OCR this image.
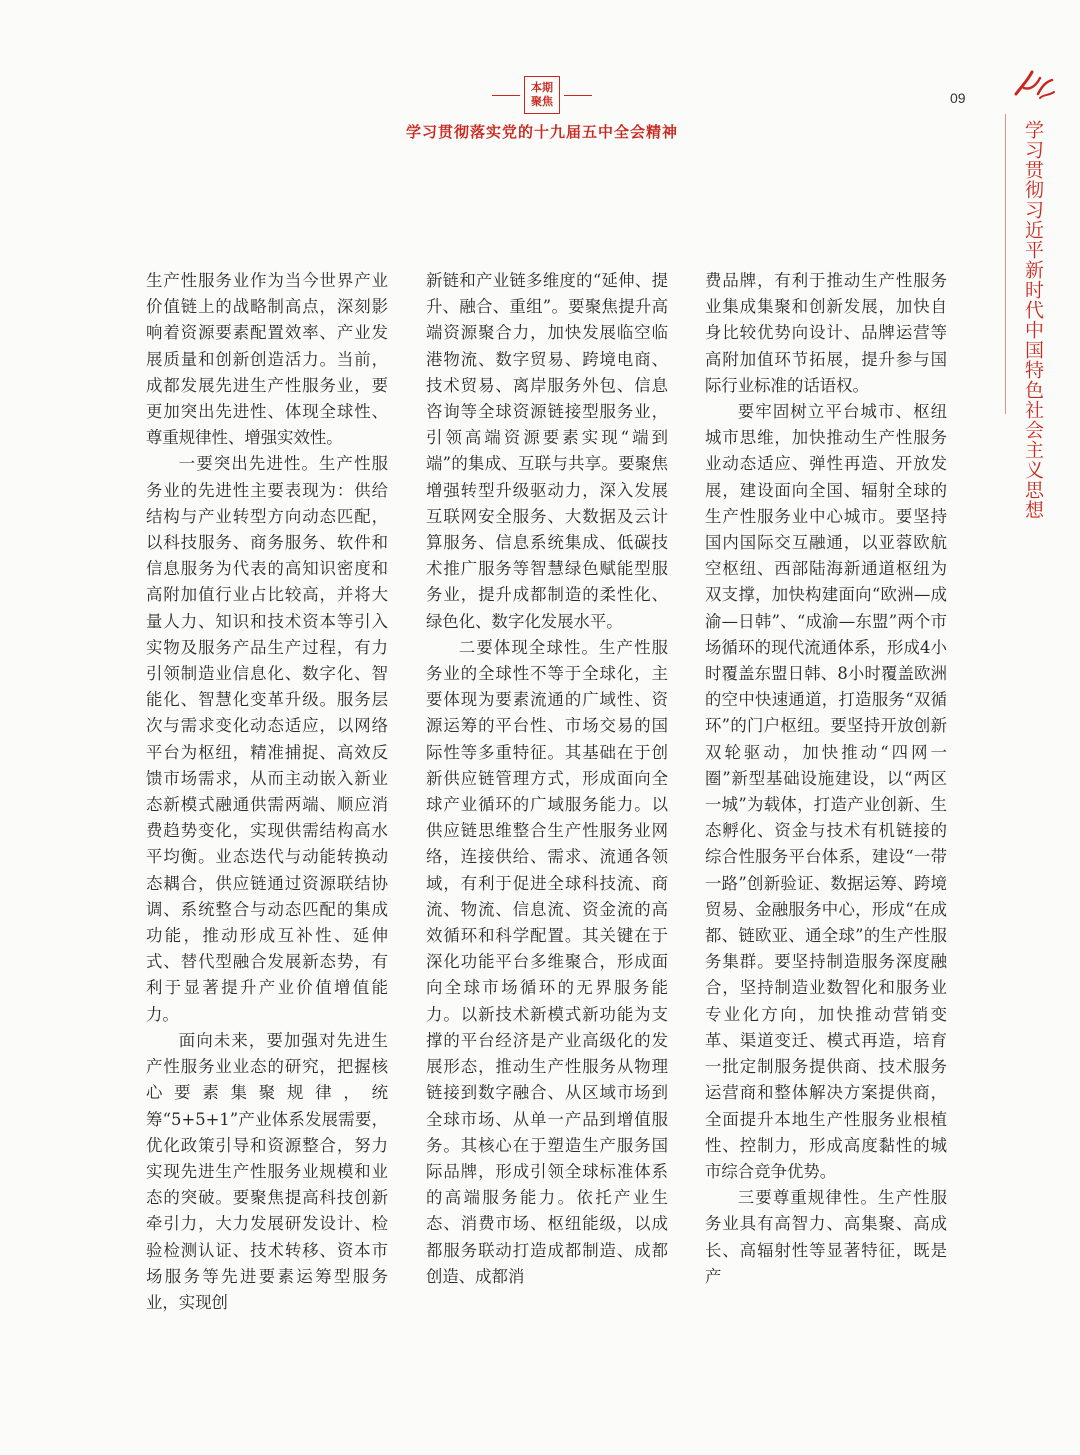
本期
聚焦
学习贯彻落实党的十九届五中全会精神
09
学习贯彻习近平新时代中国特色社会主义思想

生产性服务业作为当今世界产业价值链上的战略制高点，深刻影响着资源要素配置效率、产业发展质量和创新创造活力。当前，成都发展先进生产性服务业，要更加突出先进性、体现全球性、尊重规律性、增强实效性。

一要突出先进性。生产性服务业的先进性主要表现为：供给结构与产业转型方向动态匹配，以科技服务、商务服务、软件和信息服务为代表的高知识密度和高附加值行业占比较高，并将大量人力、知识和技术资本等引入实物及服务产品生产过程，有力引领制造业信息化、数字化、智能化、智慧化变革升级。服务层次与需求变化动态适应，以网络平台为枢纽，精准捕捉、高效反馈市场需求，从而主动嵌入新业态新模式融通供需两端、顺应消费趋势变化，实现供需结构高水平均衡。业态迭代与动能转换动态耦合，供应链通过资源联结协调、系统整合与动态匹配的集成功能，推动形成互补性、延伸式、替代型融合发展新态势，有利于显著提升产业价值增值能力。

面向未来，要加强对先进生产性服务业业态的研究，把握核心要素集聚规律，统筹“5+5+1”产业体系发展需要，优化政策引导和资源整合，努力实现先进生产性服务业规模和业态的突破。要聚焦提高科技创新牵引力，大力发展研发设计、检验检测认证、技术转移、资本市场服务等先进要素运筹型服务业，实现创

新链和产业链多维度的“延伸、提升、融合、重组”。要聚焦提升高端资源聚合力，加快发展临空临港物流、数字贸易、跨境电商、技术贸易、离岸服务外包、信息咨询等全球资源链接型服务业，引领高端资源要素实现“端到端”的集成、互联与共享。要聚焦增强转型升级驱动力，深入发展互联网安全服务、大数据及云计算服务、信息系统集成、低碳技术推广服务等智慧绿色赋能型服务业，提升成都制造的柔性化、绿色化、数字化发展水平。

二要体现全球性。生产性服务业的全球性不等于全球化，主要体现为要素流通的广域性、资源运筹的平台性、市场交易的国际性等多重特征。其基础在于创新供应链管理方式，形成面向全球产业循环的广域服务能力。以供应链思维整合生产性服务业网络，连接供给、需求、流通各领域，有利于促进全球科技流、商流、物流、信息流、资金流的高效循环和科学配置。其关键在于深化功能平台多维聚合，形成面向全球市场循环的无界服务能力。以新技术新模式新功能为支撑的平台经济是产业高级化的发展形态，推动生产性服务从物理链接到数字融合、从区域市场到全球市场、从单一产品到增值服务。其核心在于塑造生产服务国际品牌，形成引领全球标准体系的高端服务能力。依托产业生态、消费市场、枢纽能级，以成都服务联动打造成都制造、成都创造、成都消

费品牌，有利于推动生产性服务业集成集聚和创新发展，加快自身比较优势向设计、品牌运营等高附加值环节拓展，提升参与国际行业标准的话语权。

要牢固树立平台城市、枢纽城市思维，加快推动生产性服务业动态适应、弹性再造、开放发展，建设面向全国、辐射全球的生产性服务业中心城市。要坚持国内国际交互融通，以亚蓉欧航空枢纽、西部陆海新通道枢纽为双支撑，加快构建面向“欧洲—成渝—日韩”、“成渝—东盟”两个市场循环的现代流通体系，形成4小时覆盖东盟日韩、8小时覆盖欧洲的空中快速通道，打造服务“双循环”的门户枢纽。要坚持开放创新双轮驱动，加快推动“四网一圈”新型基础设施建设，以“两区一城”为载体，打造产业创新、生态孵化、资金与技术有机链接的综合性服务平台体系，建设“一带一路”创新验证、数据运筹、跨境贸易、金融服务中心，形成“在成都、链欧亚、通全球”的生产性服务集群。要坚持制造服务深度融合，坚持制造业数智化和服务业专业化方向，加快推动营销变革、渠道变迁、模式再造，培育一批定制服务提供商、技术服务运营商和整体解决方案提供商，全面提升本地生产性服务业根植性、控制力，形成高度黏性的城市综合竞争优势。

三要尊重规律性。生产性服务业具有高智力、高集聚、高成长、高辐射性等显著特征，既是产
